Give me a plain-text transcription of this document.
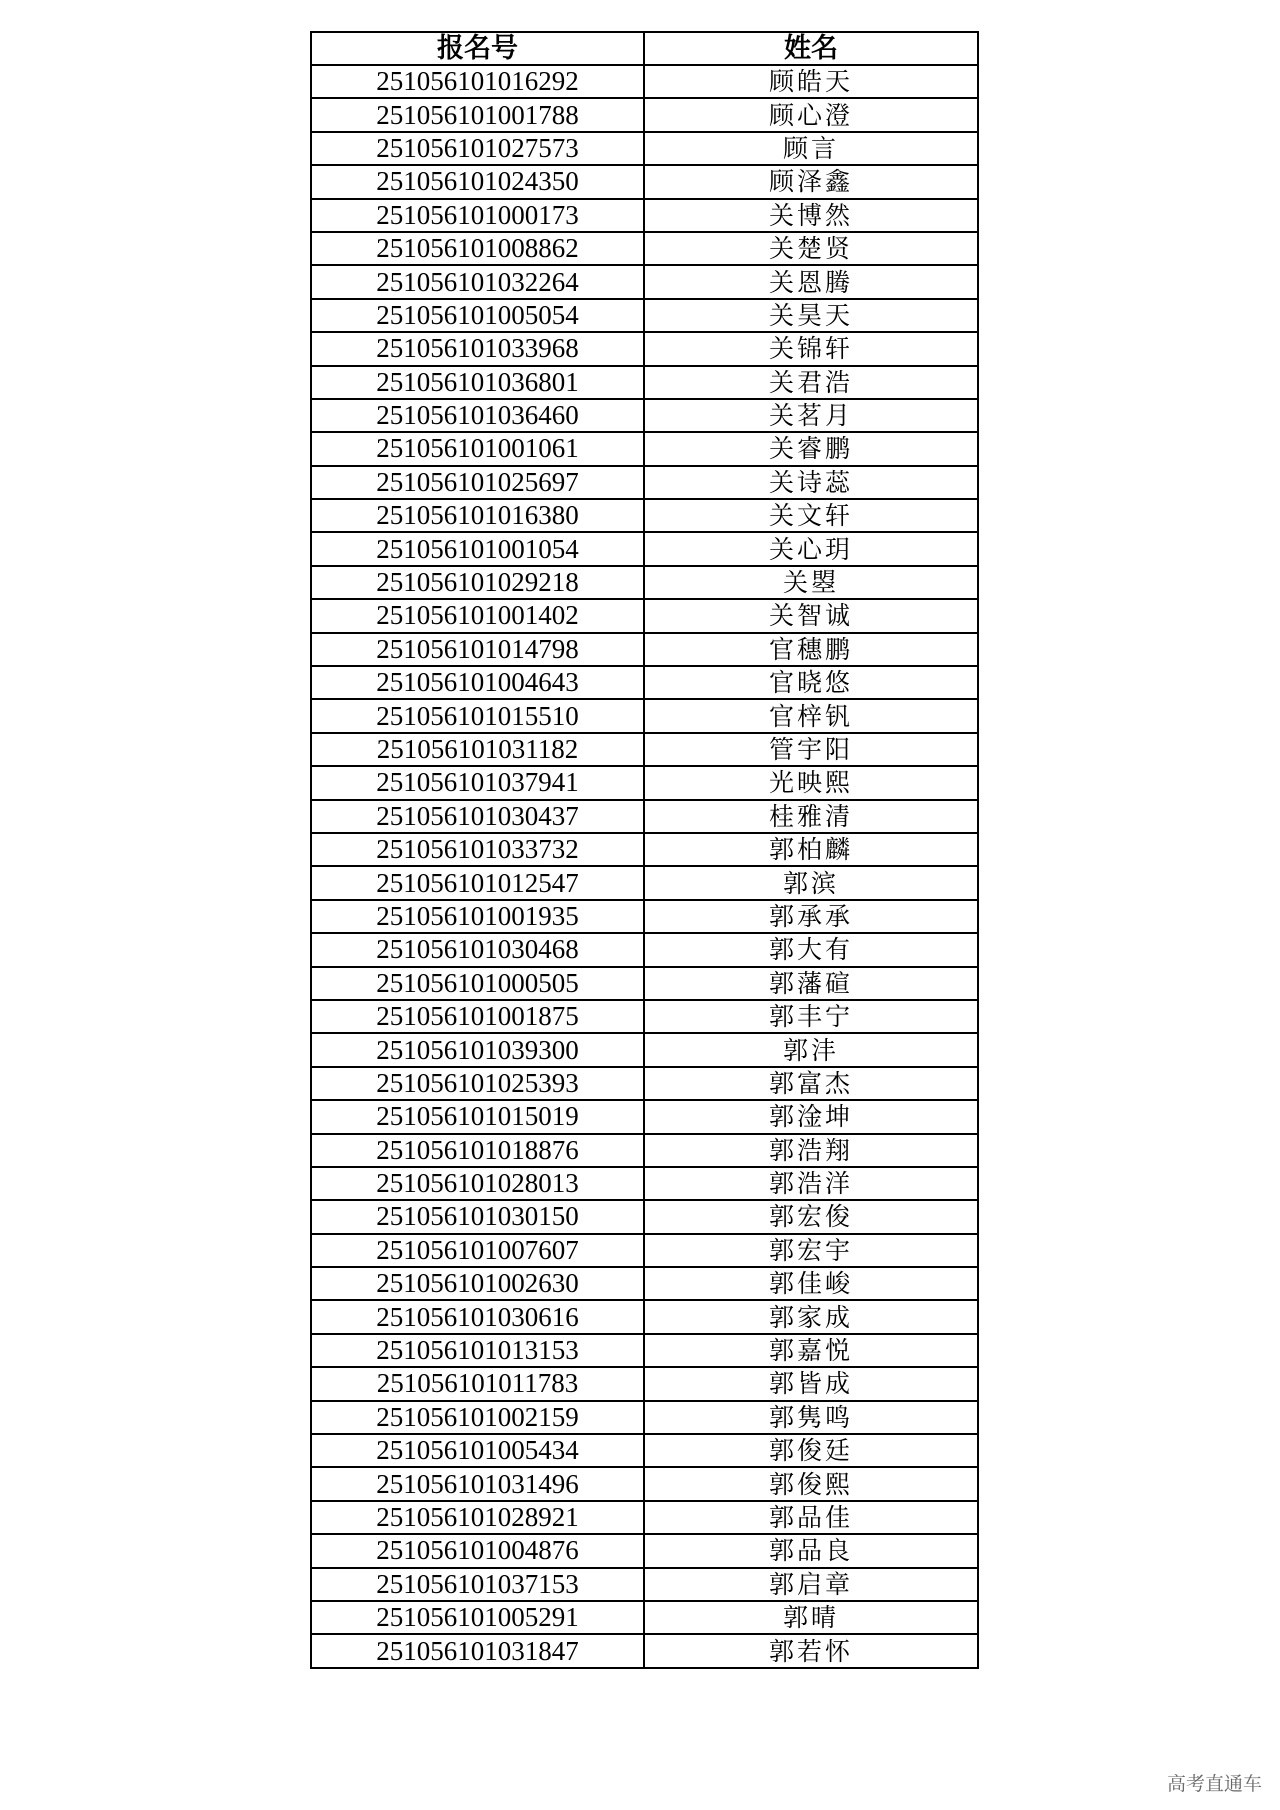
报名号	姓名
251056101016292	顾皓天
251056101001788	顾心澄
251056101027573	顾言
251056101024350	顾泽鑫
251056101000173	关博然
251056101008862	关楚贤
251056101032264	关恩腾
251056101005054	关昊天
251056101033968	关锦轩
251056101036801	关君浩
251056101036460	关茗月
251056101001061	关睿鹏
251056101025697	关诗蕊
251056101016380	关文轩
251056101001054	关心玥
251056101029218	关曌
251056101001402	关智诚
251056101014798	官穗鹏
251056101004643	官晓悠
251056101015510	官梓钒
251056101031182	管宇阳
251056101037941	光映熙
251056101030437	桂雅清
251056101033732	郭柏麟
251056101012547	郭滨
251056101001935	郭承承
251056101030468	郭大有
251056101000505	郭藩碹
251056101001875	郭丰宁
251056101039300	郭沣
251056101025393	郭富杰
251056101015019	郭淦坤
251056101018876	郭浩翔
251056101028013	郭浩洋
251056101030150	郭宏俊
251056101007607	郭宏宇
251056101002630	郭佳峻
251056101030616	郭家成
251056101013153	郭嘉悦
251056101011783	郭皆成
251056101002159	郭隽鸣
251056101005434	郭俊廷
251056101031496	郭俊熙
251056101028921	郭品佳
251056101004876	郭品良
251056101037153	郭启章
251056101005291	郭晴
251056101031847	郭若怀
高考直通车
